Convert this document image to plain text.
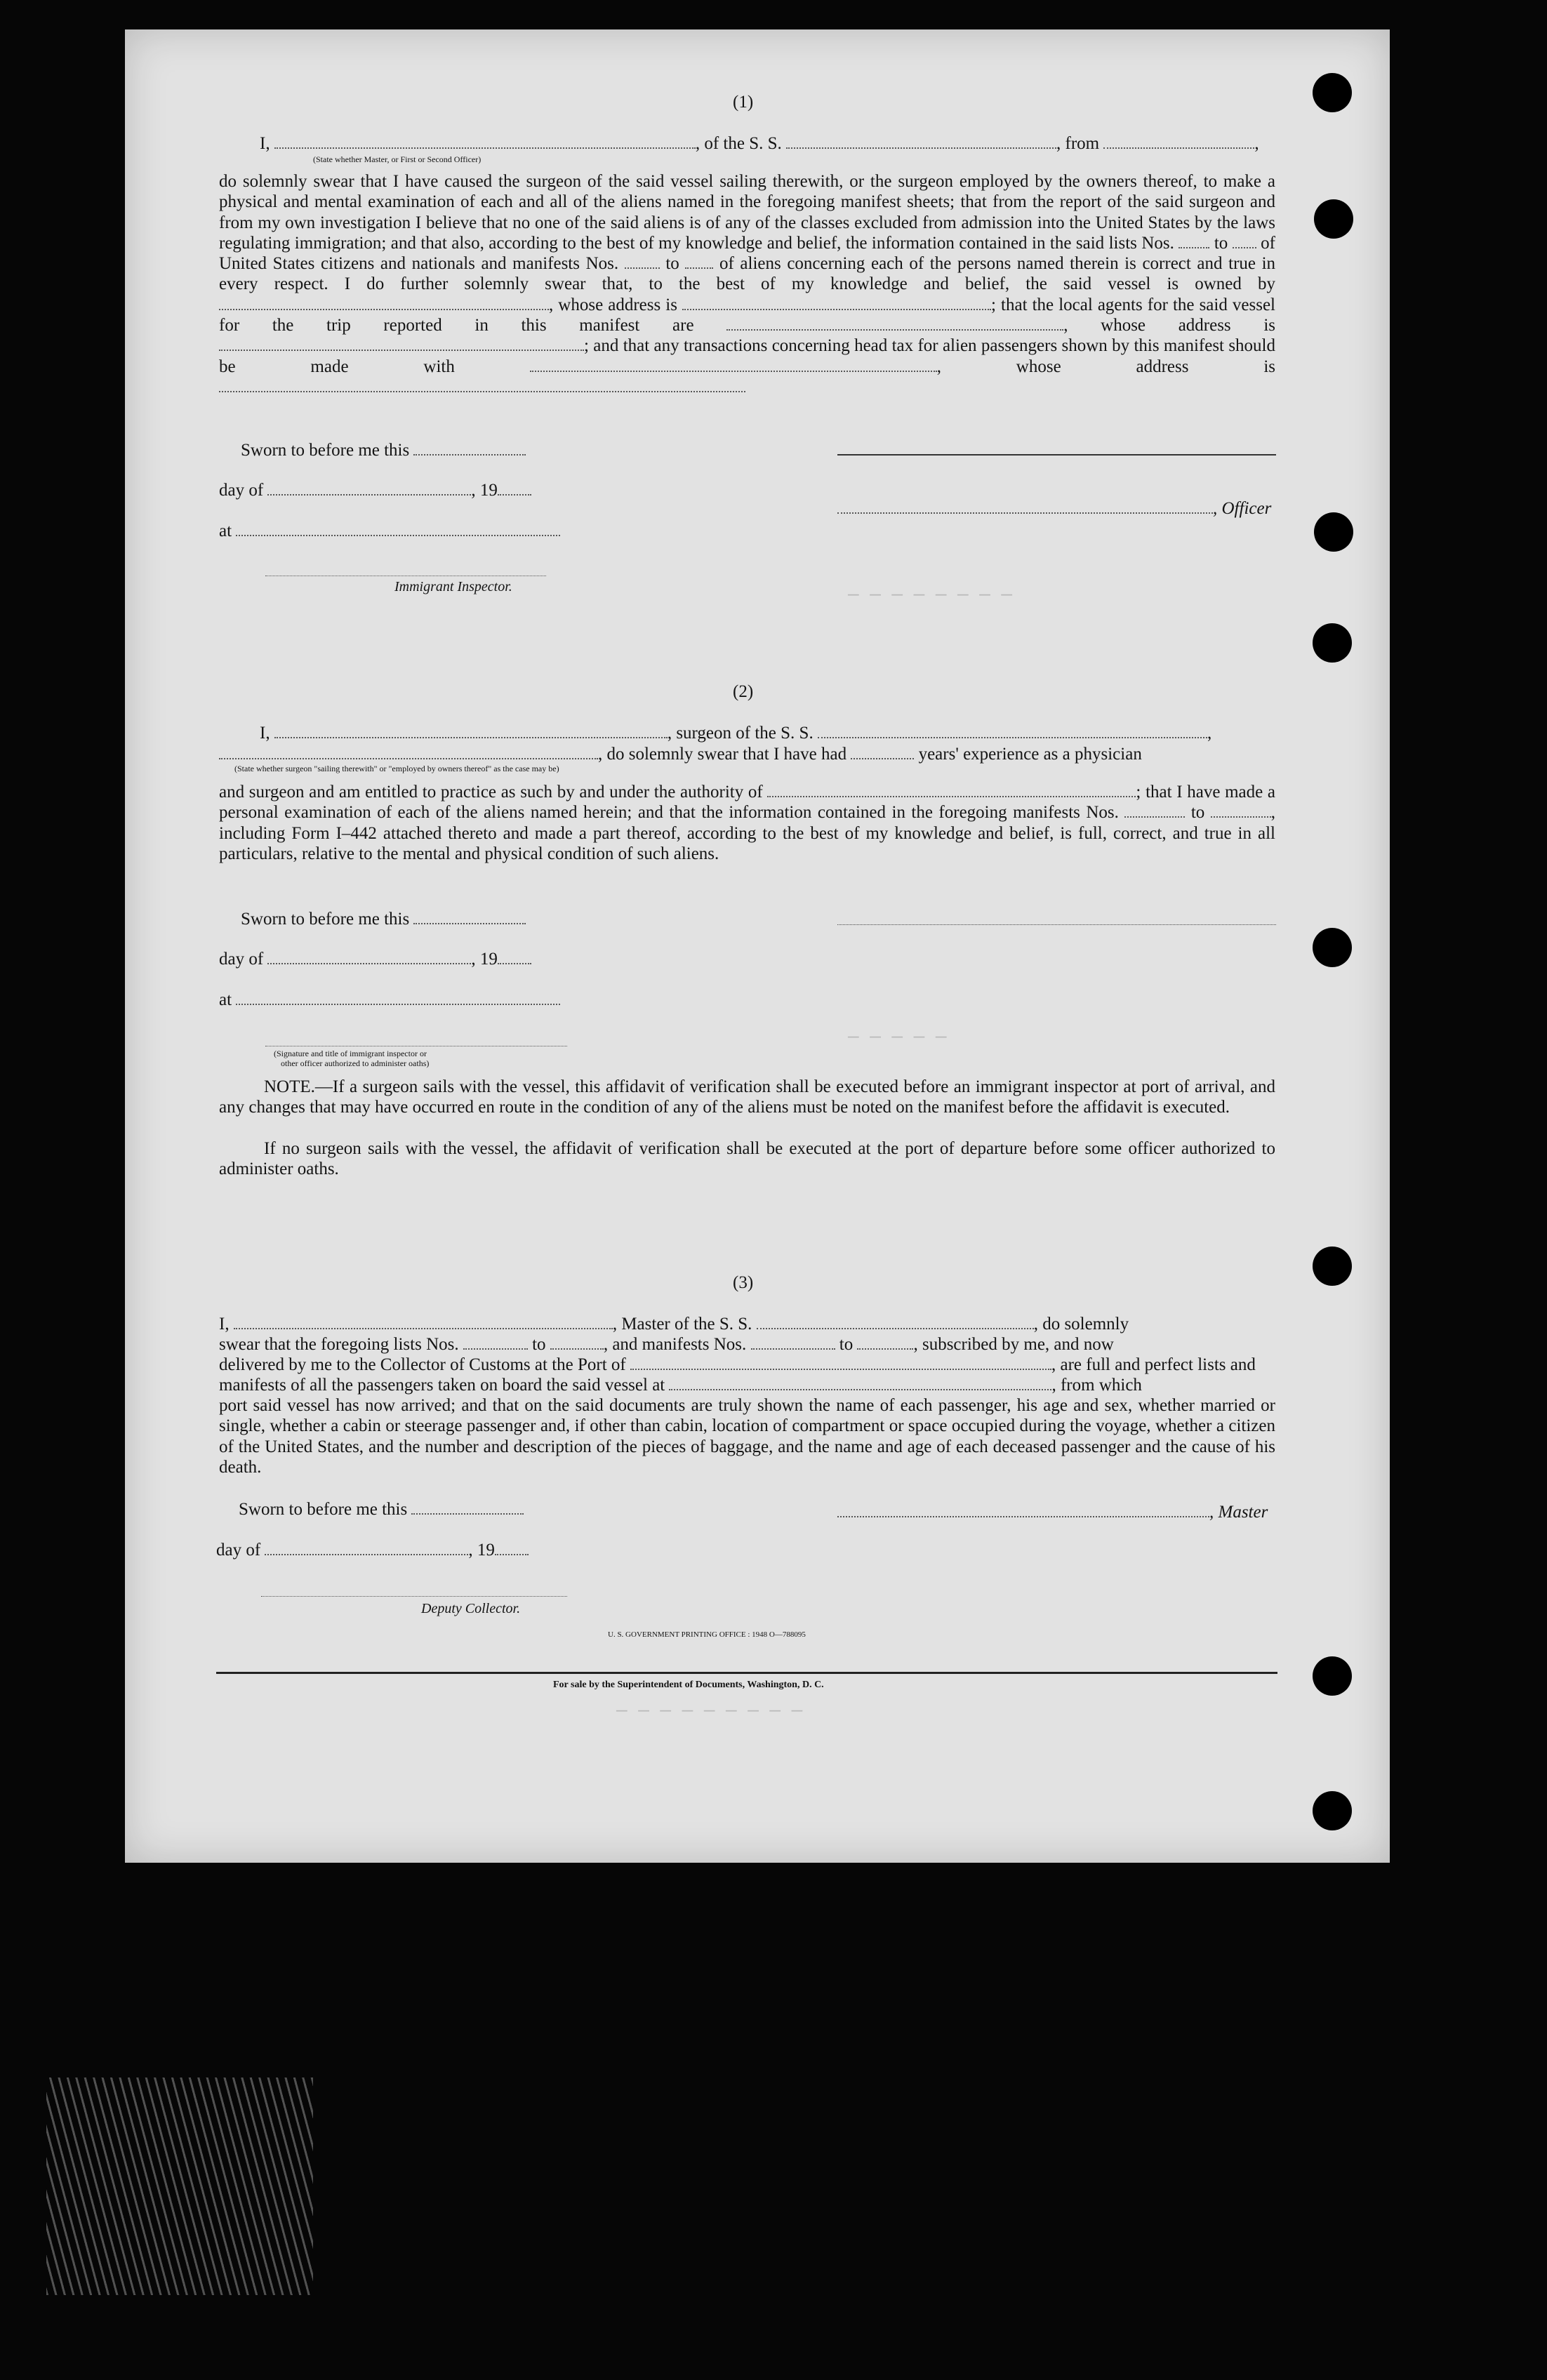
(1)
I,	, of the S. S.	, from	,
(State whether Master, or First or Second Officer)
do solemnly swear that I have caused the surgeon of the said vessel sailing therewith, or the surgeon employed by the owners thereof, to make a physical and mental examination of each and all of the aliens named in the foregoing manifest sheets; that from the report of the said surgeon and from my own investigation I believe that no one of the said aliens is of any of the classes excluded from admission into the United States by the laws regulating immigration; and that also, according to the best of my knowledge and belief, the information contained in the said lists Nos. to of United States citizens and nationals and manifests Nos.	to of aliens concerning each of the persons named therein is correct and true in every respect. I do further solemnly swear that, to the best of my knowledge and belief, the said vessel is owned by , whose address is	; that the local agents for the said vessel for the trip reported in this manifest are	, whose address is ; and that any transactions concerning head tax for alien passengers shown by this manifest should be made with	, whose address is
Sworn to before me this
day of	, 19
, Officer
at
Immigrant Inspector.
(2)
I,	, surgeon of the S. S.	,
, do solemnly swear that I have had	years' experience as a physician
(State whether surgeon "sailing therewith" or "employed by owners thereof" as the case may be)
and surgeon and am entitled to practice as such by and under the authority of	; that I have made a personal examination of each of the aliens named herein; and that the information contained in the foregoing manifests Nos.	to	, including Form I–442 attached thereto and made a part thereof, according to the best of my knowledge and belief, is full, correct, and true in all particulars, relative to the mental and physical condition of such aliens.
Sworn to before me this
day of	, 19
at
(Signature and title of immigrant inspector or
other officer authorized to administer oaths)
NOTE.—If a surgeon sails with the vessel, this affidavit of verification shall be executed before an immigrant inspector at port of arrival, and any changes that may have occurred en route in the condition of any of the aliens must be noted on the manifest before the affidavit is executed.
If no surgeon sails with the vessel, the affidavit of verification shall be executed at the port of departure before some officer authorized to administer oaths.
(3)
I,	, Master of the S. S.	, do solemnly
swear that the foregoing lists Nos.	to	, and manifests Nos.	to	, subscribed by me, and now
delivered by me to the Collector of Customs at the Port of	, are full and perfect lists and
manifests of all the passengers taken on board the said vessel at	, from which
port said vessel has now arrived; and that on the said documents are truly shown the name of each passenger, his age and sex, whether married or single, whether a cabin or steerage passenger and, if other than cabin, location of compartment or space occupied during the voyage, whether a citizen of the United States, and the number and description of the pieces of baggage, and the name and age of each deceased passenger and the cause of his death.
Sworn to before me this	, Master
day of	, 19
Deputy Collector.
U. S. GOVERNMENT PRINTING OFFICE : 1948 O—788095
For sale by the Superintendent of Documents, Washington, D. C.
— — — — — — — —
— — — — —
— — — — — — — — —
